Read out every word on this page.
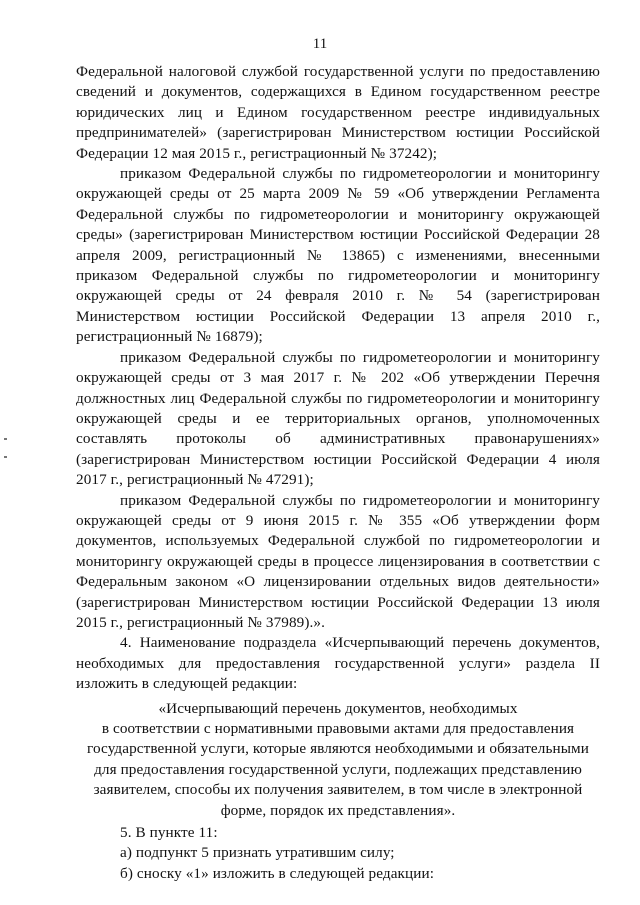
11

Федеральной налоговой службой государственной услуги по предоставлению сведений и документов, содержащихся в Едином государственном реестре юридических лиц и Едином государственном реестре индивидуальных предпринимателей» (зарегистрирован Министерством юстиции Российской Федерации 12 мая 2015 г., регистрационный № 37242);

приказом Федеральной службы по гидрометеорологии и мониторингу окружающей среды от 25 марта 2009 № 59 «Об утверждении Регламента Федеральной службы по гидрометеорологии и мониторингу окружающей среды» (зарегистрирован Министерством юстиции Российской Федерации 28 апреля 2009, регистрационный № 13865) с изменениями, внесенными приказом Федеральной службы по гидрометеорологии и мониторингу окружающей среды от 24 февраля 2010 г. № 54 (зарегистрирован Министерством юстиции Российской Федерации 13 апреля 2010 г., регистрационный № 16879);

приказом Федеральной службы по гидрометеорологии и мониторингу окружающей среды от 3 мая 2017 г. № 202 «Об утверждении Перечня должностных лиц Федеральной службы по гидрометеорологии и мониторингу окружающей среды и ее территориальных органов, уполномоченных составлять протоколы об административных правонарушениях» (зарегистрирован Министерством юстиции Российской Федерации 4 июля 2017 г., регистрационный № 47291);

приказом Федеральной службы по гидрометеорологии и мониторингу окружающей среды от 9 июня 2015 г. № 355 «Об утверждении форм документов, используемых Федеральной службой по гидрометеорологии и мониторингу окружающей среды в процессе лицензирования в соответствии с Федеральным законом «О лицензировании отдельных видов деятельности» (зарегистрирован Министерством юстиции Российской Федерации 13 июля 2015 г., регистрационный № 37989).».

4. Наименование подраздела «Исчерпывающий перечень документов, необходимых для предоставления государственной услуги» раздела II изложить в следующей редакции:

«Исчерпывающий перечень документов, необходимых
в соответствии с нормативными правовыми актами для предоставления
государственной услуги, которые являются необходимыми и обязательными
для предоставления государственной услуги, подлежащих представлению
заявителем, способы их получения заявителем, в том числе в электронной
форме, порядок их представления».

5. В пункте 11:

а) подпункт 5 признать утратившим силу;

б) сноску «1» изложить в следующей редакции:
